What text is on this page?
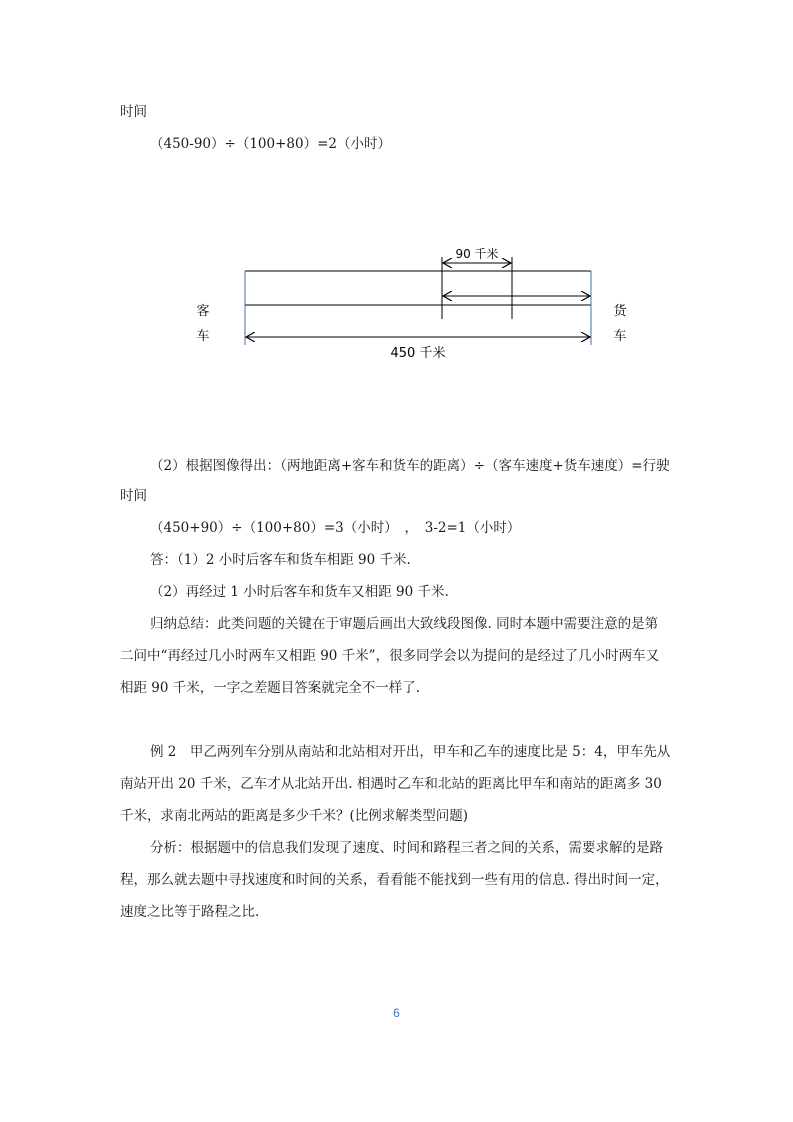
时间
（450-90）÷（100+80）=2（小时）
90 千米
450 千米
客
车
货
车
（2）根据图像得出：（两地距离+客车和货车的距离）÷（客车速度+货车速度）=行驶
时间
（450+90）÷（100+80）=3（小时）　，　3-2=1（小时）
答：（1）2 小时后客车和货车相距 90 千米.
（2）再经过 1 小时后客车和货车又相距 90 千米.
归纳总结：此类问题的关键在于审题后画出大致线段图像. 同时本题中需要注意的是第
二问中“再经过几小时两车又相距 90 千米”，很多同学会以为提问的是经过了几小时两车又
相距 90 千米，一字之差题目答案就完全不一样了.
例 2　甲乙两列车分别从南站和北站相对开出，甲车和乙车的速度比是 5：4，甲车先从
南站开出 20 千米，乙车才从北站开出. 相遇时乙车和北站的距离比甲车和南站的距离多 30
千米，求南北两站的距离是多少千米？(比例求解类型问题)
分析：根据题中的信息我们发现了速度、时间和路程三者之间的关系，需要求解的是路
程，那么就去题中寻找速度和时间的关系，看看能不能找到一些有用的信息. 得出时间一定，
速度之比等于路程之比.
6
